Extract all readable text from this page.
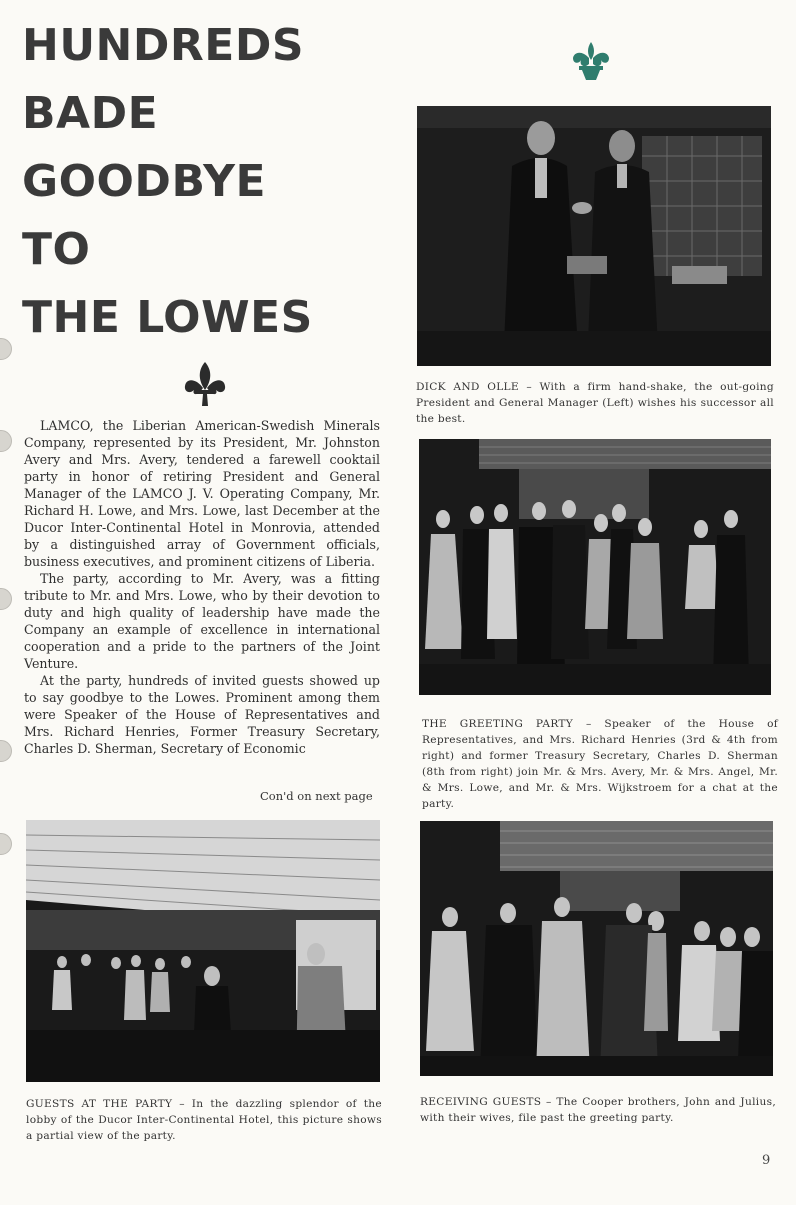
HUNDREDS
BADE
GOODBYE
TO
THE LOWES

LAMCO, the Liberian American-Swedish Minerals Company, represented by its President, Mr. Johnston Avery and Mrs. Avery, tendered a farewell cooktail party in honor of retiring President and General Manager of the LAMCO J. V. Operating Company, Mr. Richard H. Lowe, and Mrs. Lowe, last December at the Ducor Inter-Continental Hotel in Monrovia, attended by a distinguished array of Government officials, business executives, and prominent citizens of Liberia.

The party, according to Mr. Avery, was a fitting tribute to Mr. and Mrs. Lowe, who by their devotion to duty and high quality of leadership have made the Company an example of excellence in international cooperation and a pride to the partners of the Joint Venture.

At the party, hundreds of invited guests showed up to say goodbye to the Lowes. Prominent among them were Speaker of the House of Representatives and Mrs. Richard Henries, Former Treasury Secretary, Charles D. Sherman, Secretary of Economic

Con'd on next page
DICK AND OLLE – With a firm hand-shake, the out-going President and General Manager (Left) wishes his successor all the best.
THE GREETING PARTY – Speaker of the House of Representatives, and Mrs. Richard Henries (3rd & 4th from right) and former Treasury Secretary, Charles D. Sherman (8th from right) join Mr. & Mrs. Avery, Mr. & Mrs. Angel, Mr. & Mrs. Lowe, and Mr. & Mrs. Wijkstroem for a chat at the party.
GUESTS AT THE PARTY – In the dazzling splendor of the lobby of the Ducor Inter-Continental Hotel, this picture shows a partial view of the party.
RECEIVING GUESTS – The Cooper brothers, John and Julius, with their wives, file past the greeting party.
9
